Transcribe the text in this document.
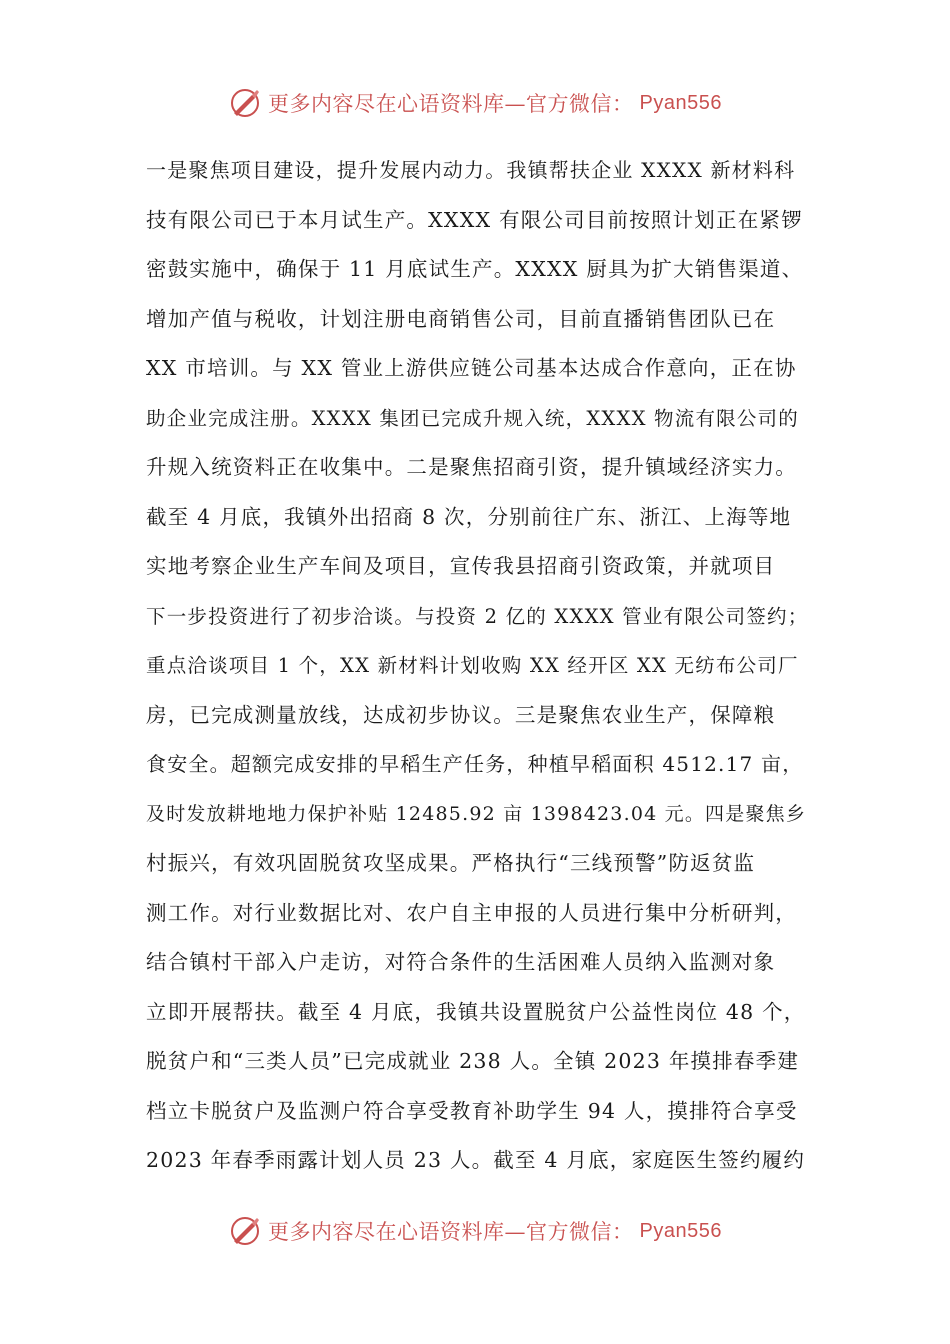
更多内容尽在心语资料库—官方微信： Pyan556
一是聚焦项目建设，提升发展内动力。我镇帮扶企业 XXXX 新材料科
技有限公司已于本月试生产。XXXX 有限公司目前按照计划正在紧锣
密鼓实施中，确保于 11 月底试生产。XXXX 厨具为扩大销售渠道、
增加产值与税收，计划注册电商销售公司，目前直播销售团队已在
XX 市培训。与 XX 管业上游供应链公司基本达成合作意向，正在协
助企业完成注册。XXXX 集团已完成升规入统，XXXX 物流有限公司的
升规入统资料正在收集中。二是聚焦招商引资，提升镇域经济实力。
截至 4 月底，我镇外出招商 8 次，分别前往广东、浙江、上海等地
实地考察企业生产车间及项目，宣传我县招商引资政策，并就项目
下一步投资进行了初步洽谈。与投资 2 亿的 XXXX 管业有限公司签约；
重点洽谈项目 1 个，XX 新材料计划收购 XX 经开区 XX 无纺布公司厂
房，已完成测量放线，达成初步协议。三是聚焦农业生产，保障粮
食安全。超额完成安排的早稻生产任务，种植早稻面积 4512.17 亩，
及时发放耕地地力保护补贴 12485.92 亩 1398423.04 元。四是聚焦乡
村振兴，有效巩固脱贫攻坚成果。严格执行“三线预警”防返贫监
测工作。对行业数据比对、农户自主申报的人员进行集中分析研判，
结合镇村干部入户走访，对符合条件的生活困难人员纳入监测对象
立即开展帮扶。截至 4 月底，我镇共设置脱贫户公益性岗位 48 个，
脱贫户和“三类人员”已完成就业 238 人。全镇 2023 年摸排春季建
档立卡脱贫户及监测户符合享受教育补助学生 94 人，摸排符合享受
2023 年春季雨露计划人员 23 人。截至 4 月底，家庭医生签约履约
更多内容尽在心语资料库—官方微信： Pyan556
